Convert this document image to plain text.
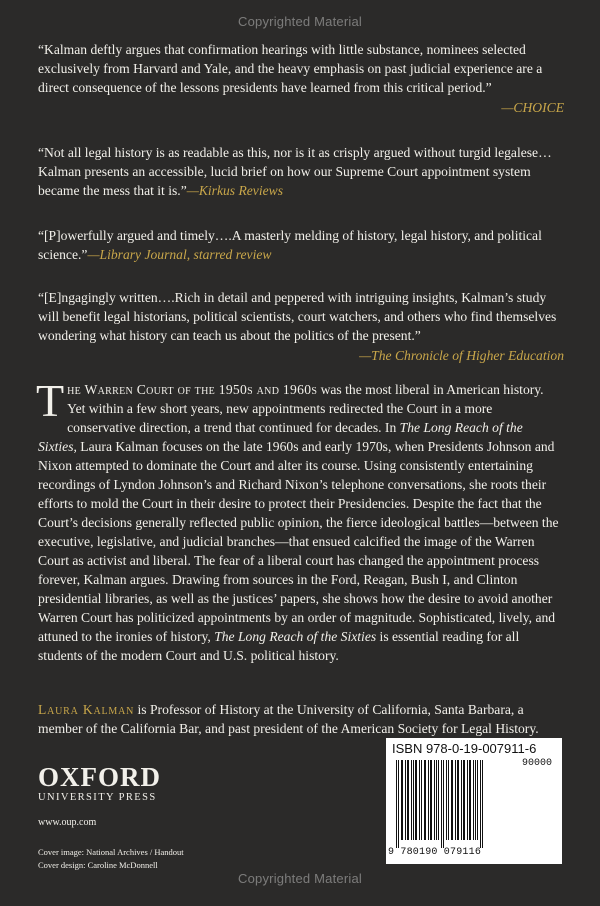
Copyrighted Material
“Kalman deftly argues that confirmation hearings with little substance, nominees selected exclusively from Harvard and Yale, and the heavy emphasis on past judicial experience are a direct consequence of the lessons presidents have learned from this critical period.”
—CHOICE
“Not all legal history is as readable as this, nor is it as crisply argued without turgid legalese… Kalman presents an accessible, lucid brief on how our Supreme Court appointment system became the mess that it is.”—Kirkus Reviews
“[P]owerfully argued and timely….A masterly melding of history, legal history, and political science.”—Library Journal, starred review
“[E]ngagingly written….Rich in detail and peppered with intriguing insights, Kalman’s study will benefit legal historians, political scientists, court watchers, and others who find themselves wondering what history can teach us about the politics of the present.”
—The Chronicle of Higher Education
The Warren Court of the 1950s and 1960s was the most liberal in American history. Yet within a few short years, new appointments redirected the Court in a more conservative direction, a trend that continued for decades. In The Long Reach of the Sixties, Laura Kalman focuses on the late 1960s and early 1970s, when Presidents Johnson and Nixon attempted to dominate the Court and alter its course. Using consistently entertaining recordings of Lyndon Johnson’s and Richard Nixon’s telephone conversations, she roots their efforts to mold the Court in their desire to protect their Presidencies. Despite the fact that the Court’s decisions generally reflected public opinion, the fierce ideological battles—between the executive, legislative, and judicial branches—that ensued calcified the image of the Warren Court as activist and liberal. The fear of a liberal court has changed the appointment process forever, Kalman argues. Drawing from sources in the Ford, Reagan, Bush I, and Clinton presidential libraries, as well as the justices’ papers, she shows how the desire to avoid another Warren Court has politicized appointments by an order of magnitude. Sophisticated, lively, and attuned to the ironies of history, The Long Reach of the Sixties is essential reading for all students of the modern Court and U.S. political history.
Laura Kalman is Professor of History at the University of California, Santa Barbara, a member of the California Bar, and past president of the American Society for Legal History.
OXFORD
UNIVERSITY PRESS
www.oup.com
Cover image: National Archives / Handout
Cover design: Caroline McDonnell
ISBN 978-0-19-007911-6
90000
9 780190 079116
Copyrighted Material
